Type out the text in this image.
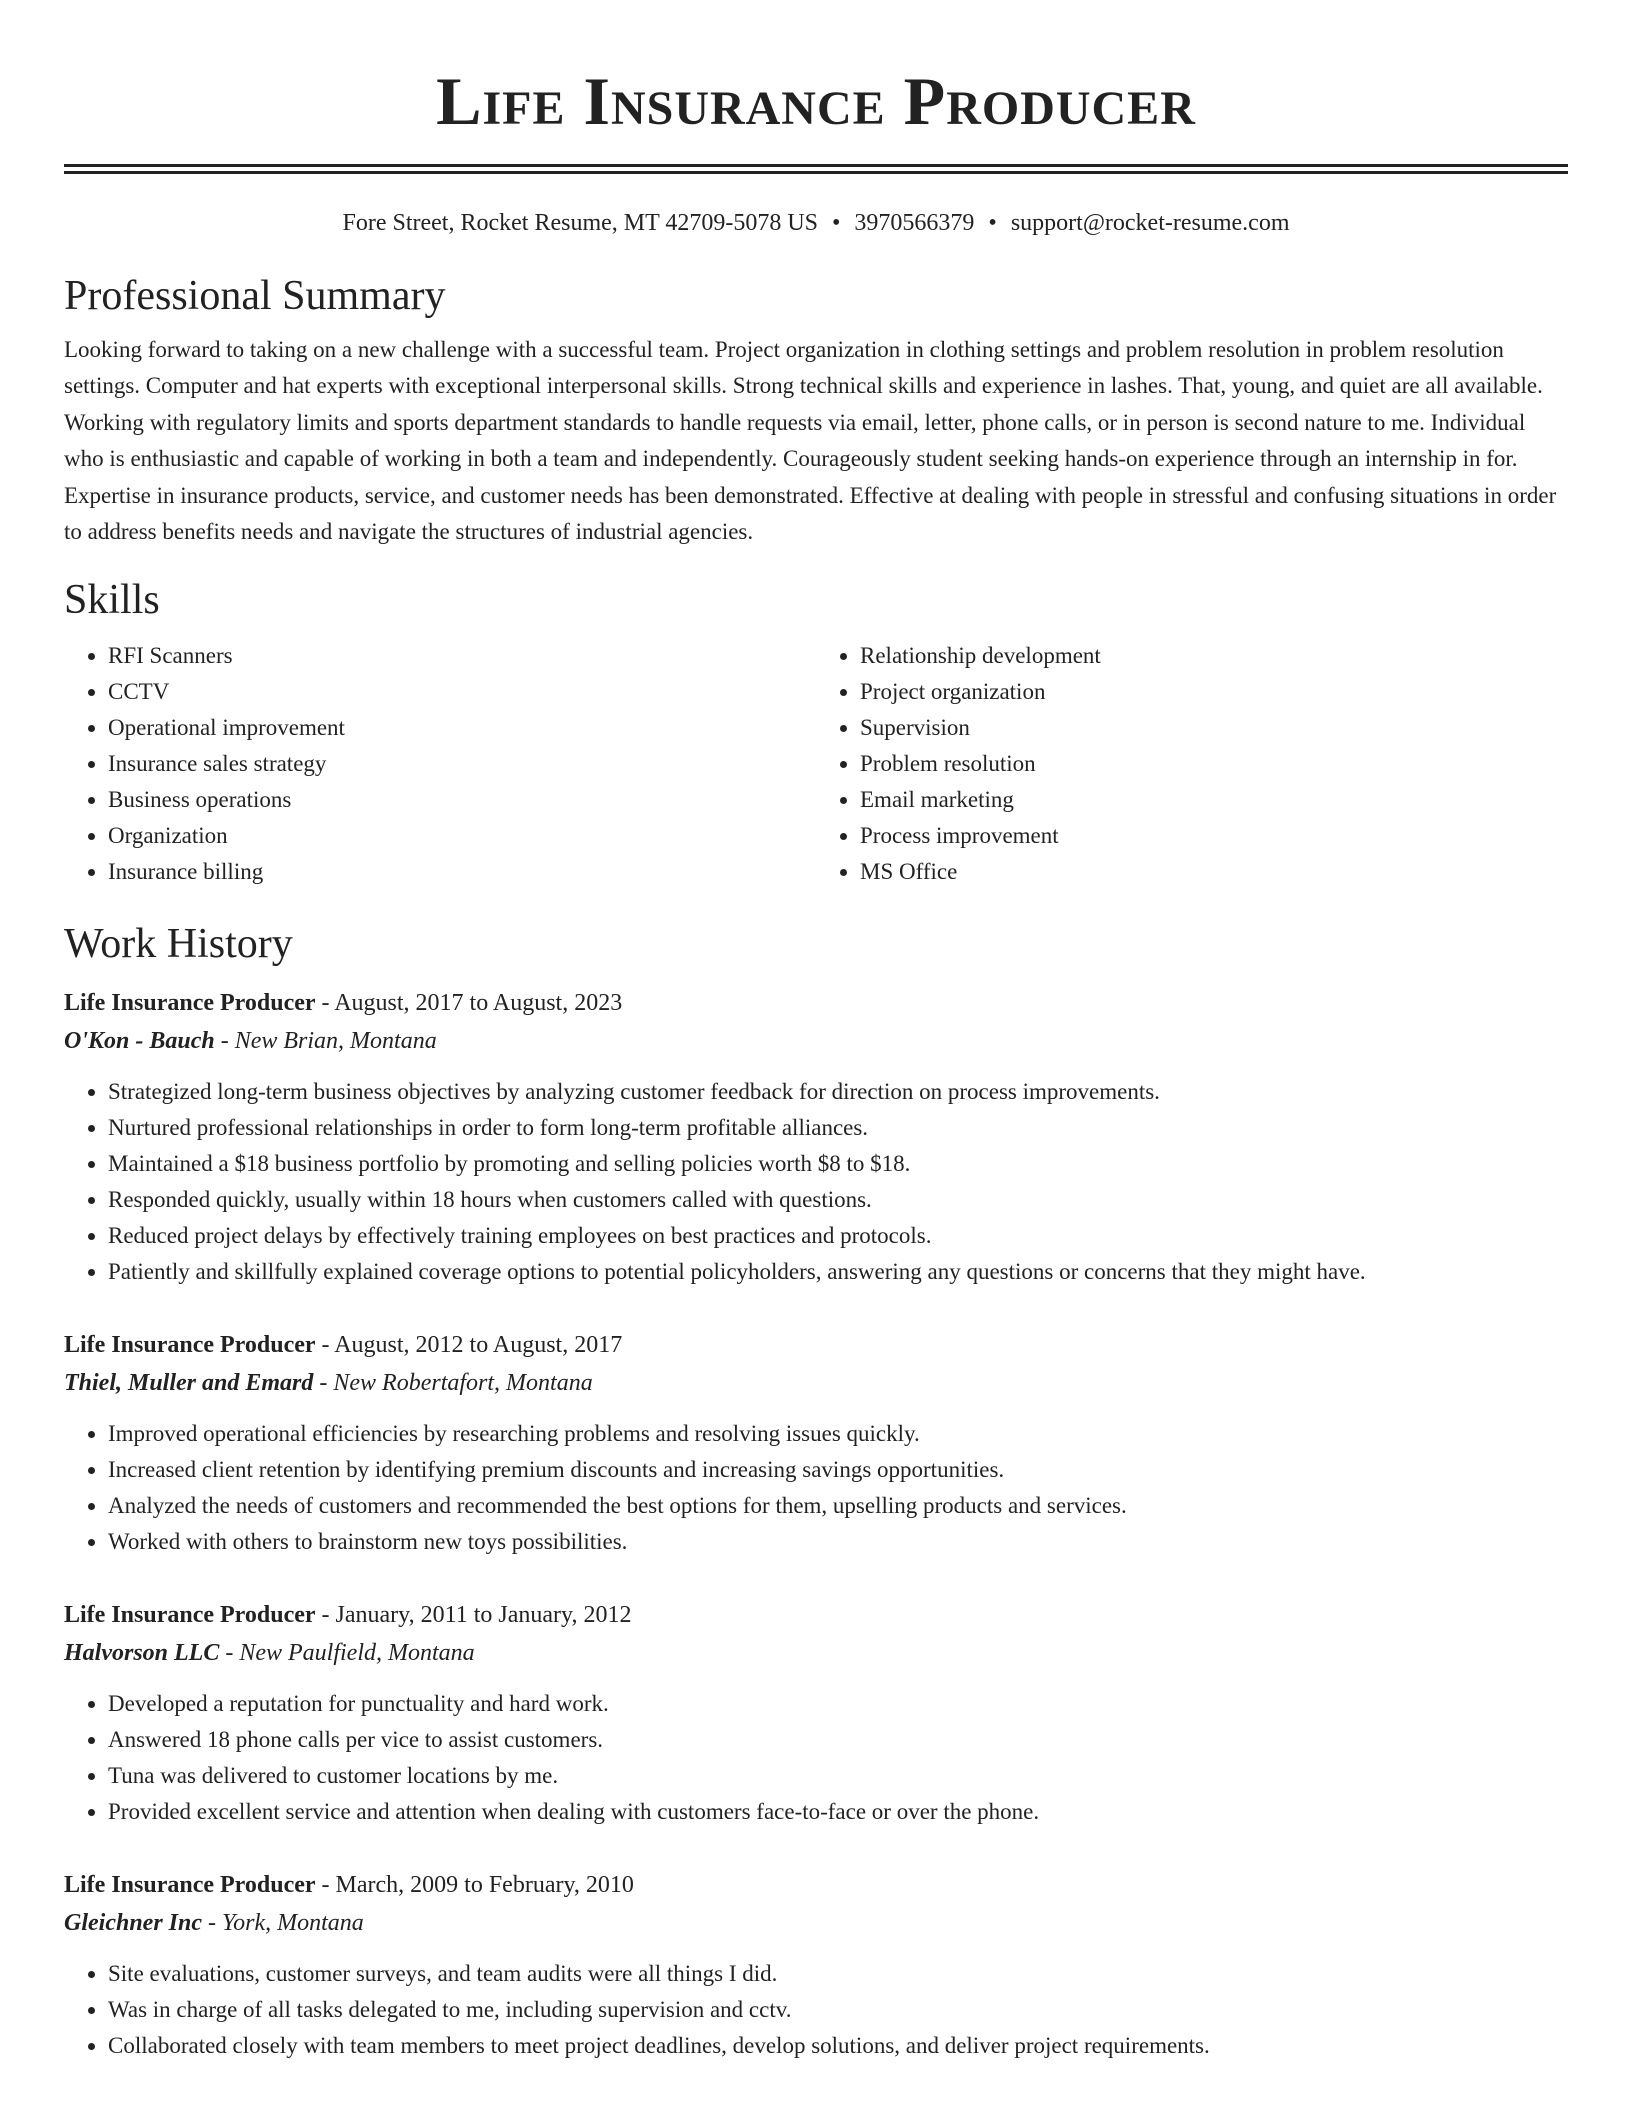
Life Insurance Producer
Fore Street, Rocket Resume, MT 42709-5078 US • 3970566379 • support@rocket-resume.com
Professional Summary

Looking forward to taking on a new challenge with a successful team. Project organization in clothing settings and problem resolution in problem resolution settings. Computer and hat experts with exceptional interpersonal skills. Strong technical skills and experience in lashes. That, young, and quiet are all available. Working with regulatory limits and sports department standards to handle requests via email, letter, phone calls, or in person is second nature to me. Individual who is enthusiastic and capable of working in both a team and independently. Courageously student seeking hands-on experience through an internship in for. Expertise in insurance products, service, and customer needs has been demonstrated. Effective at dealing with people in stressful and confusing situations in order to address benefits needs and navigate the structures of industrial agencies.

Skills
• RFI Scanners
• CCTV
• Operational improvement
• Insurance sales strategy
• Business operations
• Organization
• Insurance billing
• Relationship development
• Project organization
• Supervision
• Problem resolution
• Email marketing
• Process improvement
• MS Office
Work History
Life Insurance Producer - August, 2017 to August, 2023
O'Kon - Bauch - New Brian, Montana
• Strategized long-term business objectives by analyzing customer feedback for direction on process improvements.
• Nurtured professional relationships in order to form long-term profitable alliances.
• Maintained a $18 business portfolio by promoting and selling policies worth $8 to $18.
• Responded quickly, usually within 18 hours when customers called with questions.
• Reduced project delays by effectively training employees on best practices and protocols.
• Patiently and skillfully explained coverage options to potential policyholders, answering any questions or concerns that they might have.
Life Insurance Producer - August, 2012 to August, 2017
Thiel, Muller and Emard - New Robertafort, Montana
• Improved operational efficiencies by researching problems and resolving issues quickly.
• Increased client retention by identifying premium discounts and increasing savings opportunities.
• Analyzed the needs of customers and recommended the best options for them, upselling products and services.
• Worked with others to brainstorm new toys possibilities.
Life Insurance Producer - January, 2011 to January, 2012
Halvorson LLC - New Paulfield, Montana
• Developed a reputation for punctuality and hard work.
• Answered 18 phone calls per vice to assist customers.
• Tuna was delivered to customer locations by me.
• Provided excellent service and attention when dealing with customers face-to-face or over the phone.
Life Insurance Producer - March, 2009 to February, 2010
Gleichner Inc - York, Montana
• Site evaluations, customer surveys, and team audits were all things I did.
• Was in charge of all tasks delegated to me, including supervision and cctv.
• Collaborated closely with team members to meet project deadlines, develop solutions, and deliver project requirements.
